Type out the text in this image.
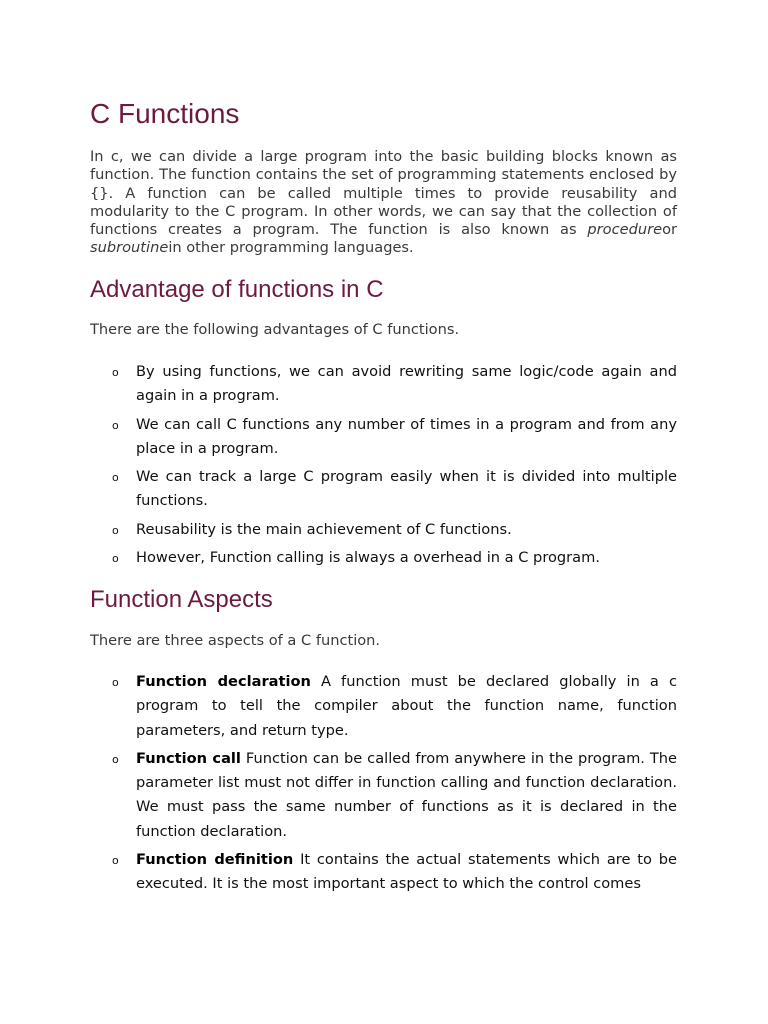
C Functions

In c, we can divide a large program into the basic building blocks known as function. The function contains the set of programming statements enclosed by {}. A function can be called multiple times to provide reusability and modularity to the C program. In other words, we can say that the collection of functions creates a program. The function is also known as procedureor subroutinein other programming languages.

Advantage of functions in C

There are the following advantages of C functions.

o By using functions, we can avoid rewriting same logic/code again and again in a program.
o We can call C functions any number of times in a program and from any place in a program.
o We can track a large C program easily when it is divided into multiple functions.
o Reusability is the main achievement of C functions.
o However, Function calling is always a overhead in a C program.
Function Aspects

There are three aspects of a C function.

o Function declaration A function must be declared globally in a c program to tell the compiler about the function name, function parameters, and return type.
o Function call Function can be called from anywhere in the program. The parameter list must not differ in function calling and function declaration. We must pass the same number of functions as it is declared in the function declaration.
o Function definition It contains the actual statements which are to be executed. It is the most important aspect to which the control comes
